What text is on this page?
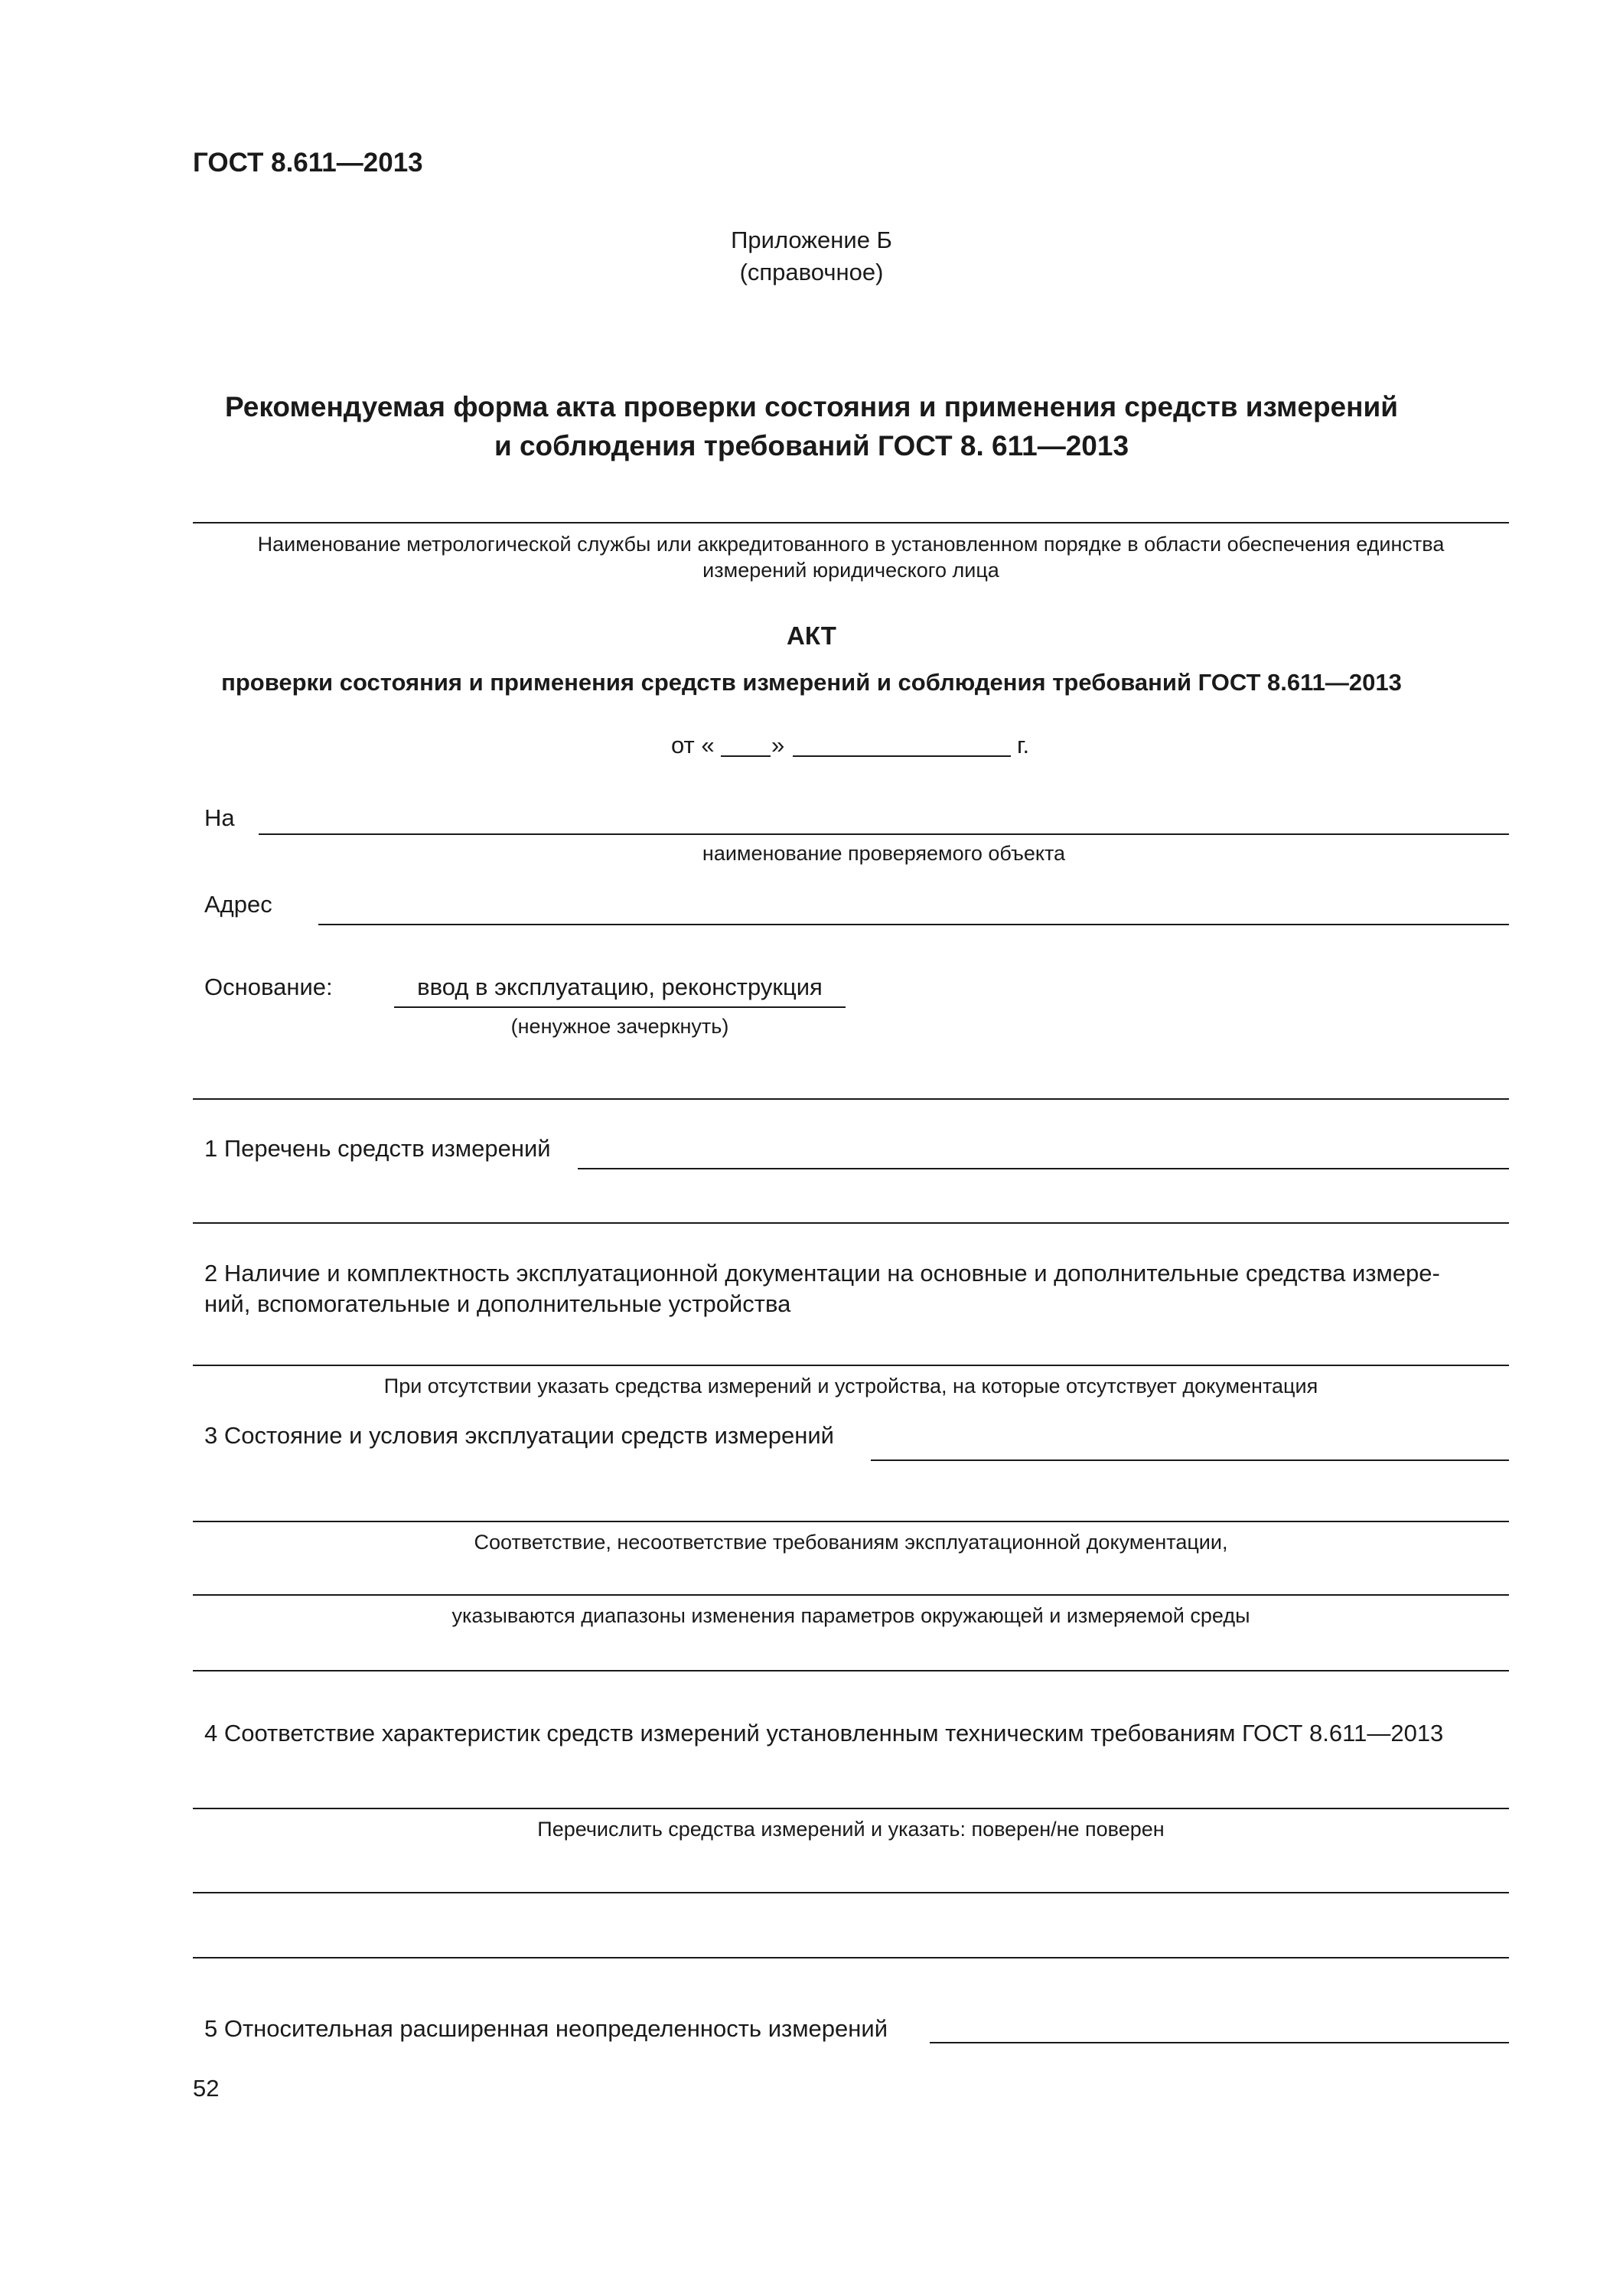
ГОСТ 8.611—2013
Приложение Б
(справочное)
Рекомендуемая форма акта проверки состояния и применения средств измерений
и соблюдения требований ГОСТ 8. 611—2013
Наименование метрологической службы или аккредитованного в установленном порядке в области обеспечения единства
измерений юридического лица
АКТ
проверки состояния и применения средств измерений и соблюдения требований ГОСТ 8.611—2013
от « »	г.
На
наименование проверяемого объекта
Адрес
Основание:	ввод в эксплуатацию, реконструкция
(ненужное зачеркнуть)
1 Перечень средств измерений
2 Наличие и комплектность эксплуатационной документации на основные и дополнительные средства измере-
ний, вспомогательные и дополнительные устройства
При отсутствии указать средства измерений и устройства, на которые отсутствует документация
3 Состояние и условия эксплуатации средств измерений
Соответствие, несоответствие требованиям эксплуатационной документации,
указываются диапазоны изменения параметров окружающей и измеряемой среды
4 Соответствие характеристик средств измерений установленным техническим требованиям ГОСТ 8.611—2013
Перечислить средства измерений и указать: поверен/не поверен
5 Относительная расширенная неопределенность измерений
52
